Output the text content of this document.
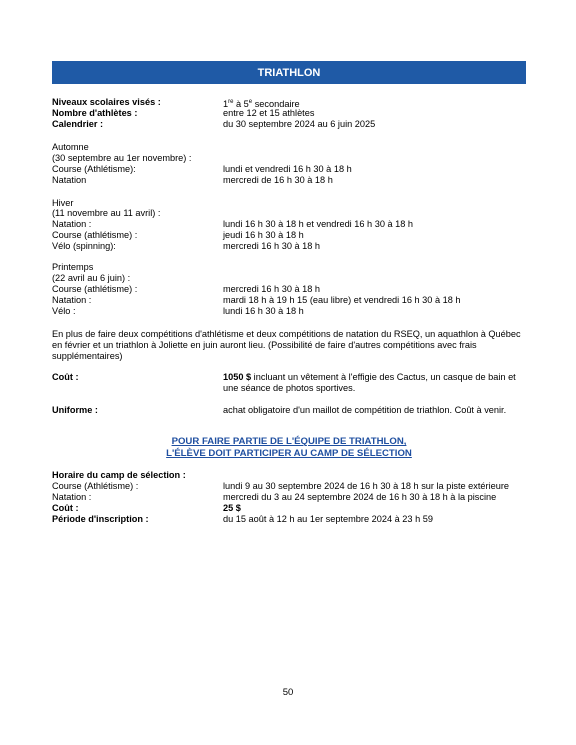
TRIATHLON
Niveaux scolaires visés :	1re à 5e secondaire
Nombre d'athlètes :	entre 12 et 15 athlètes
Calendrier :	du 30 septembre 2024 au 6 juin 2025
Automne
(30 septembre au 1er novembre) :
Course (Athlétisme):	lundi et vendredi 16 h 30 à 18 h
Natation	mercredi de 16 h 30 à 18 h
Hiver
(11 novembre au 11 avril) :
Natation :	lundi 16 h 30 à 18 h et vendredi 16 h 30 à 18 h
Course (athlétisme) :	jeudi 16 h 30 à 18 h
Vélo (spinning):	mercredi 16 h 30 à 18 h
Printemps
(22 avril au 6 juin) :
Course (athlétisme) :	mercredi 16 h 30 à 18 h
Natation :	mardi 18 h à 19 h 15 (eau libre) et vendredi 16 h 30 à 18 h
Vélo :	lundi 16 h 30 à 18 h
En plus de faire deux compétitions d'athlétisme et deux compétitions de natation du RSEQ, un aquathlon à Québec en février et un triathlon à Joliette en juin auront lieu. (Possibilité de faire d'autres compétitions avec frais supplémentaires)
Coût :	1050 $ incluant un vêtement à l'effigie des Cactus, un casque de bain et
une séance de photos sportives.
Uniforme :	achat obligatoire d'un maillot de compétition de triathlon. Coût à venir.
POUR FAIRE PARTIE DE L'ÉQUIPE DE TRIATHLON,
L'ÉLÈVE DOIT PARTICIPER AU CAMP DE SÉLECTION
Horaire du camp de sélection :
Course (Athlétisme) :	lundi 9 au 30 septembre 2024 de 16 h 30 à 18 h sur la piste extérieure
Natation :	mercredi du 3 au 24 septembre 2024 de 16 h 30 à 18 h à la piscine
Coût :	25 $
Période d'inscription :	du 15 août à 12 h au 1er septembre 2024 à 23 h 59
50
